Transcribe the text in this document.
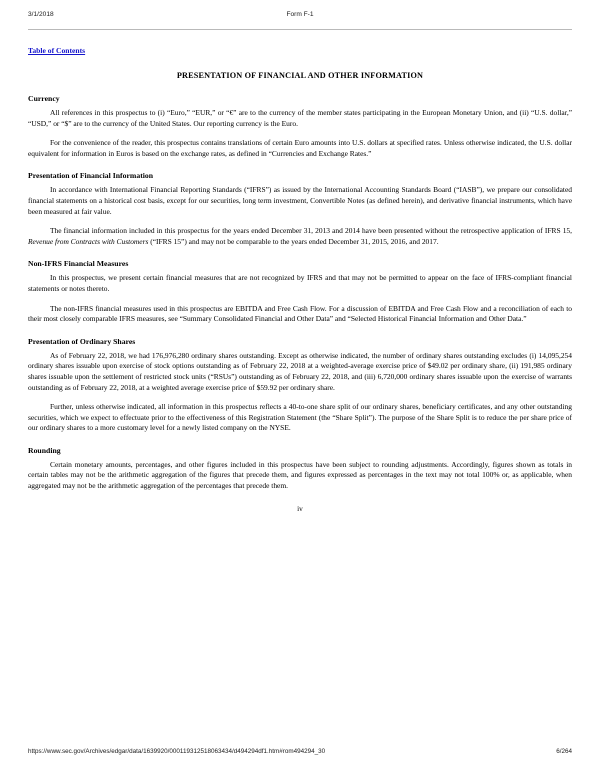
3/1/2018	Form F-1
Table of Contents
PRESENTATION OF FINANCIAL AND OTHER INFORMATION
Currency

All references in this prospectus to (i) “Euro,” “EUR,” or “€” are to the currency of the member states participating in the European Monetary Union, and (ii) “U.S. dollar,” “USD,” or “$” are to the currency of the United States. Our reporting currency is the Euro.

For the convenience of the reader, this prospectus contains translations of certain Euro amounts into U.S. dollars at specified rates. Unless otherwise indicated, the U.S. dollar equivalent for information in Euros is based on the exchange rates, as defined in “Currencies and Exchange Rates.”

Presentation of Financial Information

In accordance with International Financial Reporting Standards (“IFRS”) as issued by the International Accounting Standards Board (“IASB”), we prepare our consolidated financial statements on a historical cost basis, except for our securities, long term investment, Convertible Notes (as defined herein), and derivative financial instruments, which have been measured at fair value.

The financial information included in this prospectus for the years ended December 31, 2013 and 2014 have been presented without the retrospective application of IFRS 15, Revenue from Contracts with Customers (“IFRS 15”) and may not be comparable to the years ended December 31, 2015, 2016, and 2017.

Non-IFRS Financial Measures

In this prospectus, we present certain financial measures that are not recognized by IFRS and that may not be permitted to appear on the face of IFRS-compliant financial statements or notes thereto.

The non-IFRS financial measures used in this prospectus are EBITDA and Free Cash Flow. For a discussion of EBITDA and Free Cash Flow and a reconciliation of each to their most closely comparable IFRS measures, see “Summary Consolidated Financial and Other Data” and “Selected Historical Financial Information and Other Data.”

Presentation of Ordinary Shares

As of February 22, 2018, we had 176,976,280 ordinary shares outstanding. Except as otherwise indicated, the number of ordinary shares outstanding excludes (i) 14,095,254 ordinary shares issuable upon exercise of stock options outstanding as of February 22, 2018 at a weighted-average exercise price of $49.02 per ordinary share, (ii) 191,985 ordinary shares issuable upon the settlement of restricted stock units (“RSUs”) outstanding as of February 22, 2018, and (iii) 6,720,000 ordinary shares issuable upon the exercise of warrants outstanding as of February 22, 2018, at a weighted average exercise price of $59.92 per ordinary share.

Further, unless otherwise indicated, all information in this prospectus reflects a 40-to-one share split of our ordinary shares, beneficiary certificates, and any other outstanding securities, which we expect to effectuate prior to the effectiveness of this Registration Statement (the “Share Split”). The purpose of the Share Split is to reduce the per share price of our ordinary shares to a more customary level for a newly listed company on the NYSE.

Rounding

Certain monetary amounts, percentages, and other figures included in this prospectus have been subject to rounding adjustments. Accordingly, figures shown as totals in certain tables may not be the arithmetic aggregation of the figures that precede them, and figures expressed as percentages in the text may not total 100% or, as applicable, when aggregated may not be the arithmetic aggregation of the percentages that precede them.

iv
https://www.sec.gov/Archives/edgar/data/1639920/000119312518063434/d494294df1.htm#rom494294_30	6/264
